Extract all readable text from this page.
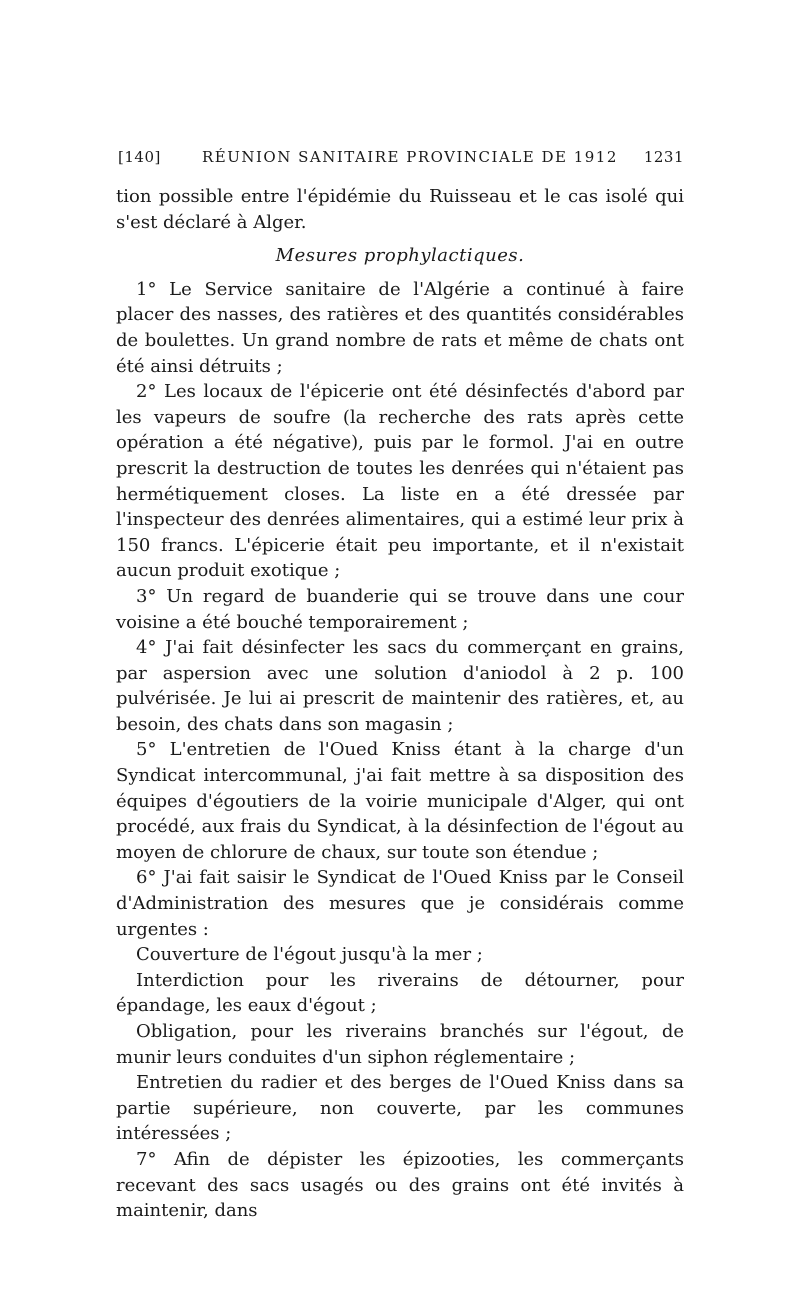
[140]	RÉUNION SANITAIRE PROVINCIALE DE 1912 1231

tion possible entre l'épidémie du Ruisseau et le cas isolé qui s'est déclaré à Alger.

Mesures prophylactiques.

1° Le Service sanitaire de l'Algérie a continué à faire placer des nasses, des ratières et des quantités considérables de boulettes. Un grand nombre de rats et même de chats ont été ainsi détruits ;

2° Les locaux de l'épicerie ont été désinfectés d'abord par les vapeurs de soufre (la recherche des rats après cette opération a été négative), puis par le formol. J'ai en outre prescrit la destruction de toutes les denrées qui n'étaient pas hermétiquement closes. La liste en a été dressée par l'inspecteur des denrées alimentaires, qui a estimé leur prix à 150 francs. L'épicerie était peu importante, et il n'existait aucun produit exotique ;

3° Un regard de buanderie qui se trouve dans une cour voisine a été bouché temporairement ;

4° J'ai fait désinfecter les sacs du commerçant en grains, par aspersion avec une solution d'aniodol à 2 p. 100 pulvérisée. Je lui ai prescrit de maintenir des ratières, et, au besoin, des chats dans son magasin ;

5° L'entretien de l'Oued Kniss étant à la charge d'un Syndicat intercommunal, j'ai fait mettre à sa disposition des équipes d'égoutiers de la voirie municipale d'Alger, qui ont procédé, aux frais du Syndicat, à la désinfection de l'égout au moyen de chlorure de chaux, sur toute son étendue ;

6° J'ai fait saisir le Syndicat de l'Oued Kniss par le Conseil d'Administration des mesures que je considérais comme urgentes :

Couverture de l'égout jusqu'à la mer ;

Interdiction pour les riverains de détourner, pour épandage, les eaux d'égout ;

Obligation, pour les riverains branchés sur l'égout, de munir leurs conduites d'un siphon réglementaire ;

Entretien du radier et des berges de l'Oued Kniss dans sa partie supérieure, non couverte, par les communes intéressées ;

7° Afin de dépister les épizooties, les commerçants recevant des sacs usagés ou des grains ont été invités à maintenir, dans
